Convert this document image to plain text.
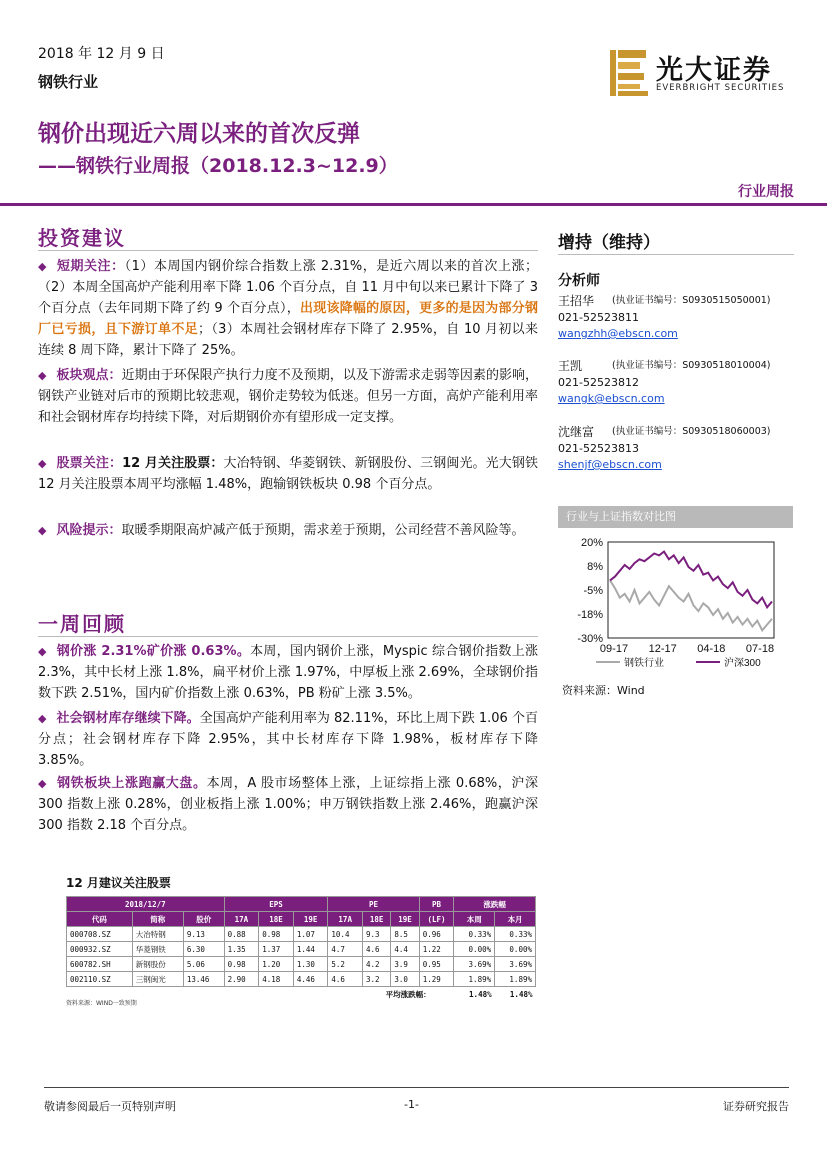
2018 年 12 月 9 日
钢铁行业	光大证券
EVERBRIGHT SECURITIES
钢价出现近六周以来的首次反弹
——钢铁行业周报（2018.12.3~12.9）
行业周报
投资建议
◆ 短期关注：（1）本周国内钢价综合指数上涨 2.31%，是近六周以来的首次上涨；（2）本周全国高炉产能利用率下降 1.06 个百分点，自 11 月中旬以来已累计下降了 3 个百分点（去年同期下降了约 9 个百分点），出现该降幅的原因，更多的是因为部分钢厂已亏损，且下游订单不足；（3）本周社会钢材库存下降了 2.95%，自 10 月初以来连续 8 周下降，累计下降了 25%。
◆ 板块观点：近期由于环保限产执行力度不及预期，以及下游需求走弱等因素的影响，钢铁产业链对后市的预期比较悲观，钢价走势较为低迷。但另一方面，高炉产能利用率和社会钢材库存均持续下降，对后期钢价亦有望形成一定支撑。
◆ 股票关注：12 月关注股票：大冶特钢、华菱钢铁、新钢股份、三钢闽光。光大钢铁 12 月关注股票本周平均涨幅 1.48%，跑输钢铁板块 0.98 个百分点。
◆ 风险提示：取暖季期限高炉减产低于预期，需求差于预期，公司经营不善风险等。
一周回顾
◆ 钢价涨 2.31%矿价涨 0.63%。本周，国内钢价上涨，Myspic 综合钢价指数上涨 2.3%，其中长材上涨 1.8%，扁平材价上涨 1.97%，中厚板上涨 2.69%，全球钢价指数下跌 2.51%，国内矿价指数上涨 0.63%，PB 粉矿上涨 3.5%。
◆ 社会钢材库存继续下降。全国高炉产能利用率为 82.11%，环比上周下跌 1.06 个百分点；社会钢材库存下降 2.95%，其中长材库存下降 1.98%，板材库存下降 3.85%。
◆ 钢铁板块上涨跑赢大盘。本周，A 股市场整体上涨，上证综指上涨 0.68%，沪深 300 指数上涨 0.28%，创业板指上涨 1.00%；申万钢铁指数上涨 2.46%，跑赢沪深 300 指数 2.18 个百分点。
增持（维持）
分析师
王招华 (执业证书编号：S0930515050001)
021-52523811
wangzhh@ebscn.com
王凯	(执业证书编号：S0930518010004)
021-52523812
wangk@ebscn.com
沈继富 (执业证书编号：S0930518060003)
021-52523813
shenjf@ebscn.com
行业与上证指数对比图
20%
8%
-5%
-18%
-30%
09-17 12-17 04-18 07-18
钢铁行业	沪深300
资料来源：Wind
12 月建议关注股票
2018/12/7			EPS			PE			PB	涨跌幅	
代码	简称	股价	17A	18E	19E	17A	18E	19E	(LF)	本周	本月
000708.SZ	大冶特钢	9.13	0.88	0.98	1.07	10.4	9.3	8.5	0.96	0.33%	0.33%
000932.SZ	华菱钢铁	6.30	1.35	1.37	1.44	4.7	4.6	4.4	1.22	0.00%	0.00%
600782.SH	新钢股份	5.06	0.98	1.20	1.30	5.2	4.2	3.9	0.95	3.69%	3.69%
002110.SZ	三钢闽光	13.46	2.90	4.18	4.46	4.6	3.2	3.0	1.29	1.89%	1.89%
							平均涨跌幅：			1.48%	1.48%
资料来源：WIND一致预期
敬请参阅最后一页特别声明	-1-	证券研究报告
